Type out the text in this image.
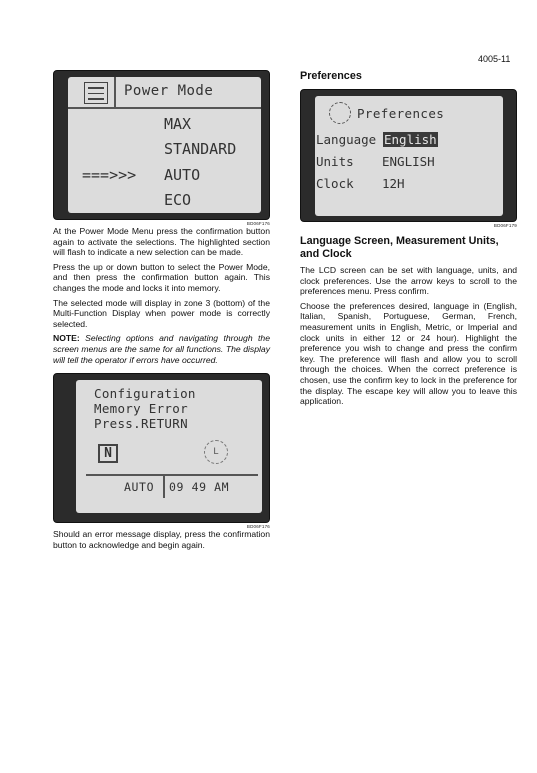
4005-11
Power Mode
MAX
STANDARD
===>>> AUTO
ECO
BD06F176

At the Power Mode Menu press the confirmation button again to activate the selections. The highlighted section will flash to indicate a new selection can be made.

Press the up or down button to select the Power Mode, and then press the confirmation button again. This changes the mode and locks it into memory.

The selected mode will display in zone 3 (bottom) of the Multi-Function Display when power mode is correctly selected.

NOTE: Selecting options and navigating through the screen menus are the same for all functions. The display will tell the operator if errors have occurred.

Configuration
Memory Error
Press.RETURN
N	L
AUTO 09 49 AM
BD06F176

Should an error message display, press the confirmation button to acknowledge and begin again.

Preferences

Preferences
Language English
Units ENGLISH
Clock 12H
BD06F179

Language Screen, Measurement Units, and Clock

The LCD screen can be set with language, units, and clock preferences. Use the arrow keys to scroll to the preferences menu. Press confirm.

Choose the preferences desired, language in (English, Italian, Spanish, Portuguese, German, French, measurement units in English, Metric, or Imperial and clock units in either 12 or 24 hour). Highlight the preference you wish to change and press the confirm key. The preference will flash and allow you to scroll through the choices. When the correct preference is chosen, use the confirm key to lock in the preference for the display. The escape key will allow you to leave this application.
